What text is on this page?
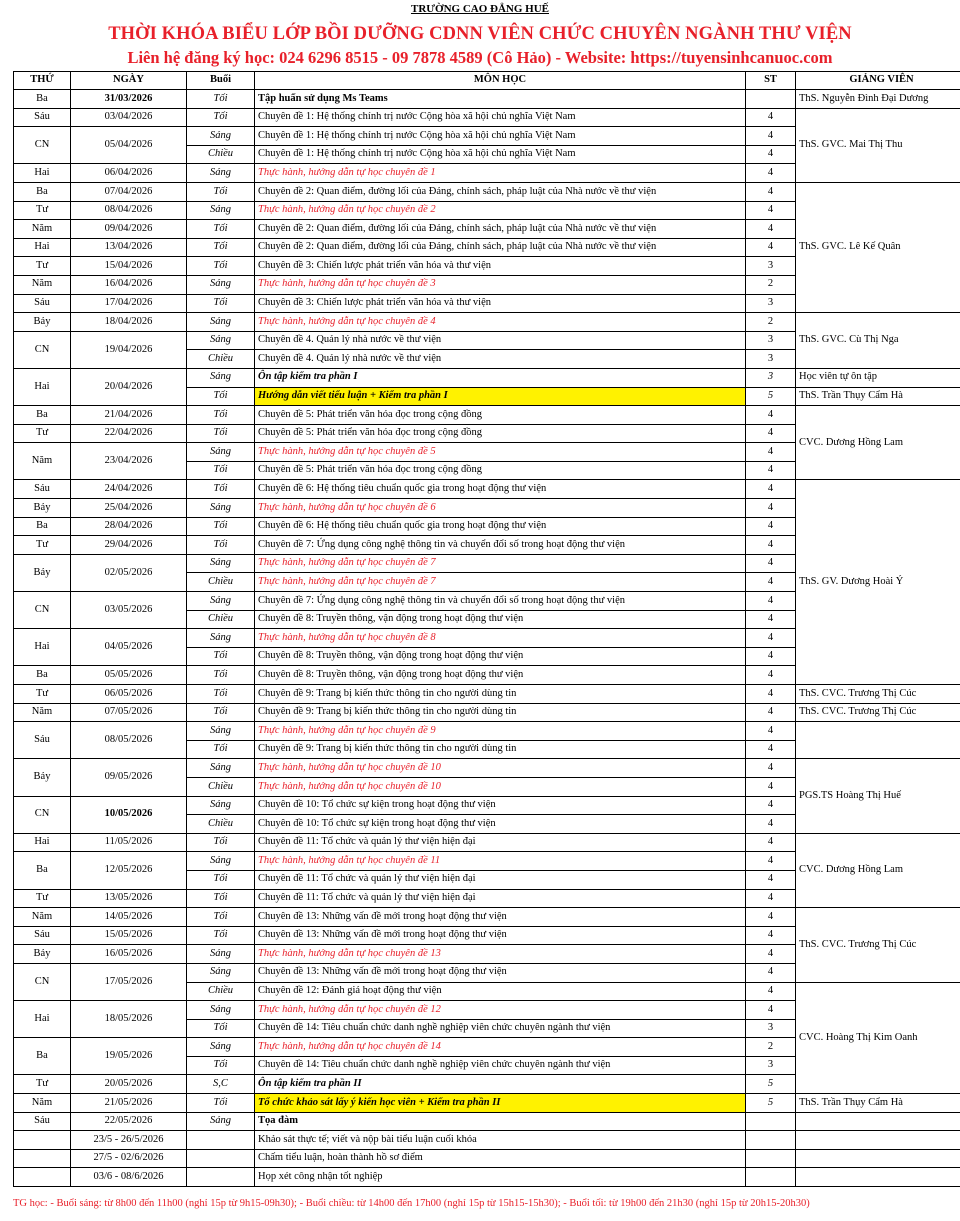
TRƯỜNG CAO ĐẲNG HUẾ
THỜI KHÓA BIỂU LỚP BỒI DƯỠNG CDNN VIÊN CHỨC CHUYÊN NGÀNH THƯ VIỆN
Liên hệ đăng ký học: 024 6296 8515 - 09 7878 4589 (Cô Hảo) - Website: https://tuyensinhcanuoc.com
THỨ	NGÀY	Buổi	MÔN HỌC	ST	GIẢNG VIÊN
Ba	31/03/2026	Tối	Tập huấn sử dụng Ms Teams		ThS. Nguyễn Đình Đại Dương
Sáu	03/04/2026	Tối	Chuyên đề 1: Hệ thống chính trị nước Cộng hòa xã hội chủ nghĩa Việt Nam	4	ThS. GVC. Mai Thị Thu
CN	05/04/2026	Sáng	Chuyên đề 1: Hệ thống chính trị nước Cộng hòa xã hội chủ nghĩa Việt Nam	4	
		Chiều	Chuyên đề 1: Hệ thống chính trị nước Cộng hòa xã hội chủ nghĩa Việt Nam	4	
Hai	06/04/2026	Sáng	Thực hành, hướng dẫn tự học chuyên đề 1	4	
Ba	07/04/2026	Tối	Chuyên đề 2: Quan điểm, đường lối của Đảng, chính sách, pháp luật của Nhà nước về thư viện	4	ThS. GVC. Lê Kế Quân
Tư	08/04/2026	Sáng	Thực hành, hướng dẫn tự học chuyên đề 2	4	
Năm	09/04/2026	Tối	Chuyên đề 2: Quan điểm, đường lối của Đảng, chính sách, pháp luật của Nhà nước về thư viện	4	
Hai	13/04/2026	Tối	Chuyên đề 2: Quan điểm, đường lối của Đảng, chính sách, pháp luật của Nhà nước về thư viện	4	
Tư	15/04/2026	Tối	Chuyên đề 3: Chiến lược phát triển văn hóa và thư viện	3	
Năm	16/04/2026	Sáng	Thực hành, hướng dẫn tự học chuyên đề 3	2	
Sáu	17/04/2026	Tối	Chuyên đề 3: Chiến lược phát triển văn hóa và thư viện	3	
Bảy	18/04/2026	Sáng	Thực hành, hướng dẫn tự học chuyên đề 4	2	ThS. GVC. Cù Thị Nga
CN	19/04/2026	Sáng	Chuyên đề 4. Quản lý nhà nước về thư viện	3	
		Chiều	Chuyên đề 4. Quản lý nhà nước về thư viện	3	
Hai	20/04/2026	Sáng	Ôn tập kiểm tra phần I	3	Học viên tự ôn tập
		Tối	Hướng dẫn viết tiểu luận + Kiểm tra phần I	5	ThS. Trần Thụy Cẩm Hà
Ba	21/04/2026	Tối	Chuyên đề 5: Phát triển văn hóa đọc trong cộng đồng	4	CVC. Dương Hồng Lam
Tư	22/04/2026	Tối	Chuyên đề 5: Phát triển văn hóa đọc trong cộng đồng	4	
Năm	23/04/2026	Sáng	Thực hành, hướng dẫn tự học chuyên đề 5	4	
		Tối	Chuyên đề 5: Phát triển văn hóa đọc trong cộng đồng	4	
Sáu	24/04/2026	Tối	Chuyên đề 6: Hệ thống tiêu chuẩn quốc gia trong hoạt động thư viện	4	ThS. GV. Dương Hoài Ý
Bảy	25/04/2026	Sáng	Thực hành, hướng dẫn tự học chuyên đề 6	4	
Ba	28/04/2026	Tối	Chuyên đề 6: Hệ thống tiêu chuẩn quốc gia trong hoạt động thư viện	4	
Tư	29/04/2026	Tối	Chuyên đề 7: Ứng dụng công nghệ thông tin và chuyển đổi số trong hoạt động thư viện	4	
Bảy	02/05/2026	Sáng	Thực hành, hướng dẫn tự học chuyên đề 7	4	
		Chiều	Thực hành, hướng dẫn tự học chuyên đề 7	4	
CN	03/05/2026	Sáng	Chuyên đề 7: Ứng dụng công nghệ thông tin và chuyển đổi số trong hoạt động thư viện	4	
		Chiều	Chuyên đề 8: Truyền thông, vận động trong hoạt động thư viện	4	
Hai	04/05/2026	Sáng	Thực hành, hướng dẫn tự học chuyên đề 8	4	
		Tối	Chuyên đề 8: Truyền thông, vận động trong hoạt động thư viện	4	
Ba	05/05/2026	Tối	Chuyên đề 8: Truyền thông, vận động trong hoạt động thư viện	4	
Tư	06/05/2026	Tối	Chuyên đề 9: Trang bị kiến thức thông tin cho người dùng tin	4	ThS. CVC. Trương Thị Cúc
Năm	07/05/2026	Tối	Chuyên đề 9: Trang bị kiến thức thông tin cho người dùng tin	4	ThS. CVC. Trương Thị Cúc
Sáu	08/05/2026	Sáng	Thực hành, hướng dẫn tự học chuyên đề 9	4	
		Tối	Chuyên đề 9: Trang bị kiến thức thông tin cho người dùng tin	4	
Bảy	09/05/2026	Sáng	Thực hành, hướng dẫn tự học chuyên đề 10	4	PGS.TS Hoàng Thị Huế
		Chiều	Thực hành, hướng dẫn tự học chuyên đề 10	4	
CN	10/05/2026	Sáng	Chuyên đề 10: Tổ chức sự kiện trong hoạt động thư viện	4	
		Chiều	Chuyên đề 10: Tổ chức sự kiện trong hoạt động thư viện	4	
Hai	11/05/2026	Tối	Chuyên đề 11: Tổ chức và quản lý thư viện hiện đại	4	CVC. Dương Hồng Lam
Ba	12/05/2026	Sáng	Thực hành, hướng dẫn tự học chuyên đề 11	4	
		Tối	Chuyên đề 11: Tổ chức và quản lý thư viện hiện đại	4	
Tư	13/05/2026	Tối	Chuyên đề 11: Tổ chức và quản lý thư viện hiện đại	4	
Năm	14/05/2026	Tối	Chuyên đề 13: Những vấn đề mới trong hoạt động thư viện	4	ThS. CVC. Trương Thị Cúc
Sáu	15/05/2026	Tối	Chuyên đề 13: Những vấn đề mới trong hoạt động thư viện	4	
Bảy	16/05/2026	Sáng	Thực hành, hướng dẫn tự học chuyên đề 13	4	
CN	17/05/2026	Sáng	Chuyên đề 13: Những vấn đề mới trong hoạt động thư viện	4	
		Chiều	Chuyên đề 12: Đánh giá hoạt động thư viện	4	CVC. Hoàng Thị Kim Oanh
Hai	18/05/2026	Sáng	Thực hành, hướng dẫn tự học chuyên đề 12	4	
		Tối	Chuyên đề 14: Tiêu chuẩn chức danh nghề nghiệp viên chức chuyên ngành thư viện	3	
Ba	19/05/2026	Sáng	Thực hành, hướng dẫn tự học chuyên đề 14	2	
		Tối	Chuyên đề 14: Tiêu chuẩn chức danh nghề nghiệp viên chức chuyên ngành thư viện	3	
Tư	20/05/2026	S,C	Ôn tập kiểm tra phần II	5	
Năm	21/05/2026	Tối	Tổ chức khảo sát lấy ý kiến học viên + Kiểm tra phần II	5	ThS. Trần Thụy Cẩm Hà
Sáu	22/05/2026	Sáng	Tọa đàm		
	23/5 - 26/5/2026		Khảo sát thực tế; viết và nộp bài tiểu luận cuối khóa		
	27/5 - 02/6/2026		Chấm tiểu luận, hoàn thành hồ sơ điểm		
	03/6 - 08/6/2026		Họp xét công nhận tốt nghiệp		
TG học: - Buổi sáng: từ 8h00 đến 11h00 (nghỉ 15p từ 9h15-09h30); - Buổi chiều: từ 14h00 đến 17h00 (nghỉ 15p từ 15h15-15h30); - Buổi tối: từ 19h00 đến 21h30 (nghỉ 15p từ 20h15-20h30)
